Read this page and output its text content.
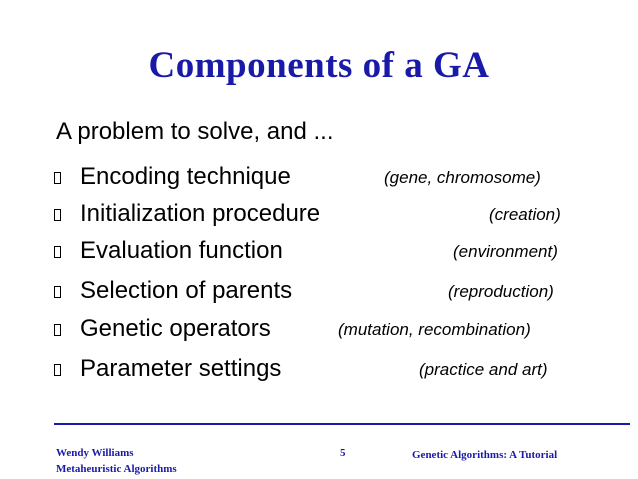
Components of a GA
A problem to solve, and ...
Encoding technique	(gene, chromosome)
Initialization procedure	(creation)
Evaluation function	(environment)
Selection of parents	(reproduction)
Genetic operators	(mutation, recombination)
Parameter settings	(practice and art)
Wendy Williams
Metaheuristic Algorithms
5	Genetic Algorithms: A Tutorial
